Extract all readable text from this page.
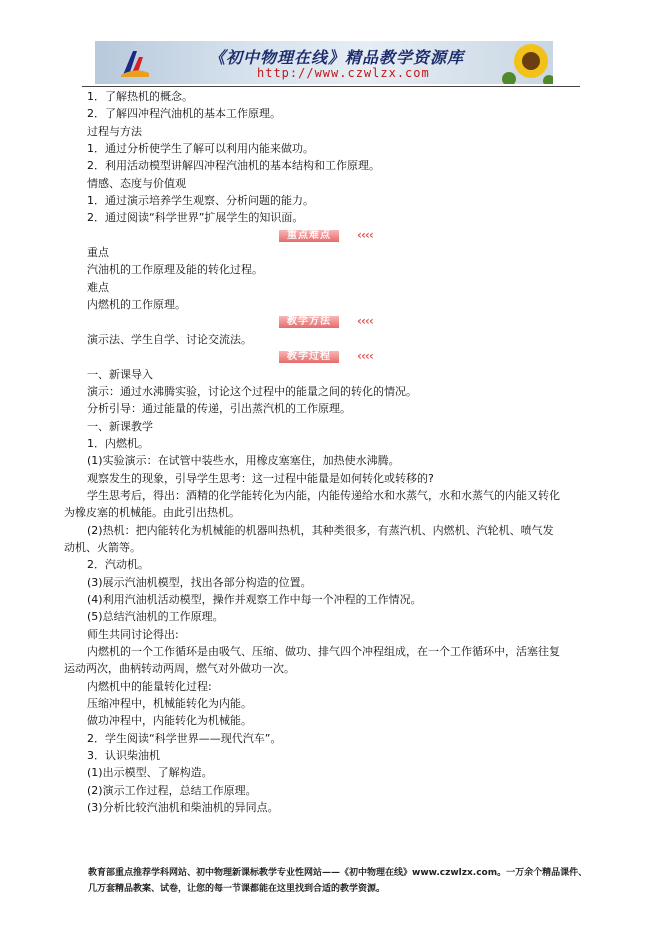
《初中物理在线》精品教学资源库
http://www.czwlzx.com

1．了解热机的概念。

2．了解四冲程汽油机的基本工作原理。

过程与方法

1．通过分析使学生了解可以利用内能来做功。

2．利用活动模型讲解四冲程汽油机的基本结构和工作原理。

情感、态度与价值观

1．通过演示培养学生观察、分析问题的能力。

2．通过阅读“科学世界”扩展学生的知识面。

重点难点	‹‹‹‹

重点

汽油机的工作原理及能的转化过程。

难点

内燃机的工作原理。

教学方法	‹‹‹‹

演示法、学生自学、讨论交流法。

教学过程	‹‹‹‹

一、新课导入

演示：通过水沸腾实验，讨论这个过程中的能量之间的转化的情况。

分析引导：通过能量的传递，引出蒸汽机的工作原理。

一、新课教学

1．内燃机。

(1)实验演示：在试管中装些水，用橡皮塞塞住，加热使水沸腾。

观察发生的现象，引导学生思考：这一过程中能量是如何转化或转移的?

学生思考后，得出：酒精的化学能转化为内能，内能传递给水和水蒸气，水和水蒸气的内能又转化

为橡皮塞的机械能。由此引出热机。

(2)热机：把内能转化为机械能的机器叫热机，其种类很多，有蒸汽机、内燃机、汽轮机、喷气发

动机、火箭等。

2．汽动机。

(3)展示汽油机模型，找出各部分构造的位置。

(4)利用汽油机活动模型，操作并观察工作中每一个冲程的工作情况。

(5)总结汽油机的工作原理。

师生共同讨论得出:

内燃机的一个工作循环是由吸气、压缩、做功、排气四个冲程组成，在一个工作循环中，活塞往复

运动两次，曲柄转动两周，燃气对外做功一次。

内燃机中的能量转化过程:

压缩冲程中，机械能转化为内能。

做功冲程中，内能转化为机械能。

2．学生阅读“科学世界——现代汽车”。

3．认识柴油机

(1)出示模型、了解构造。

(2)演示工作过程，总结工作原理。

(3)分析比较汽油机和柴油机的异同点。

教育部重点推荐学科网站、初中物理新课标教学专业性网站——《初中物理在线》www.czwlzx.com。一万余个精品课件、

几万套精品教案、试卷，让您的每一节课都能在这里找到合适的教学资源。
